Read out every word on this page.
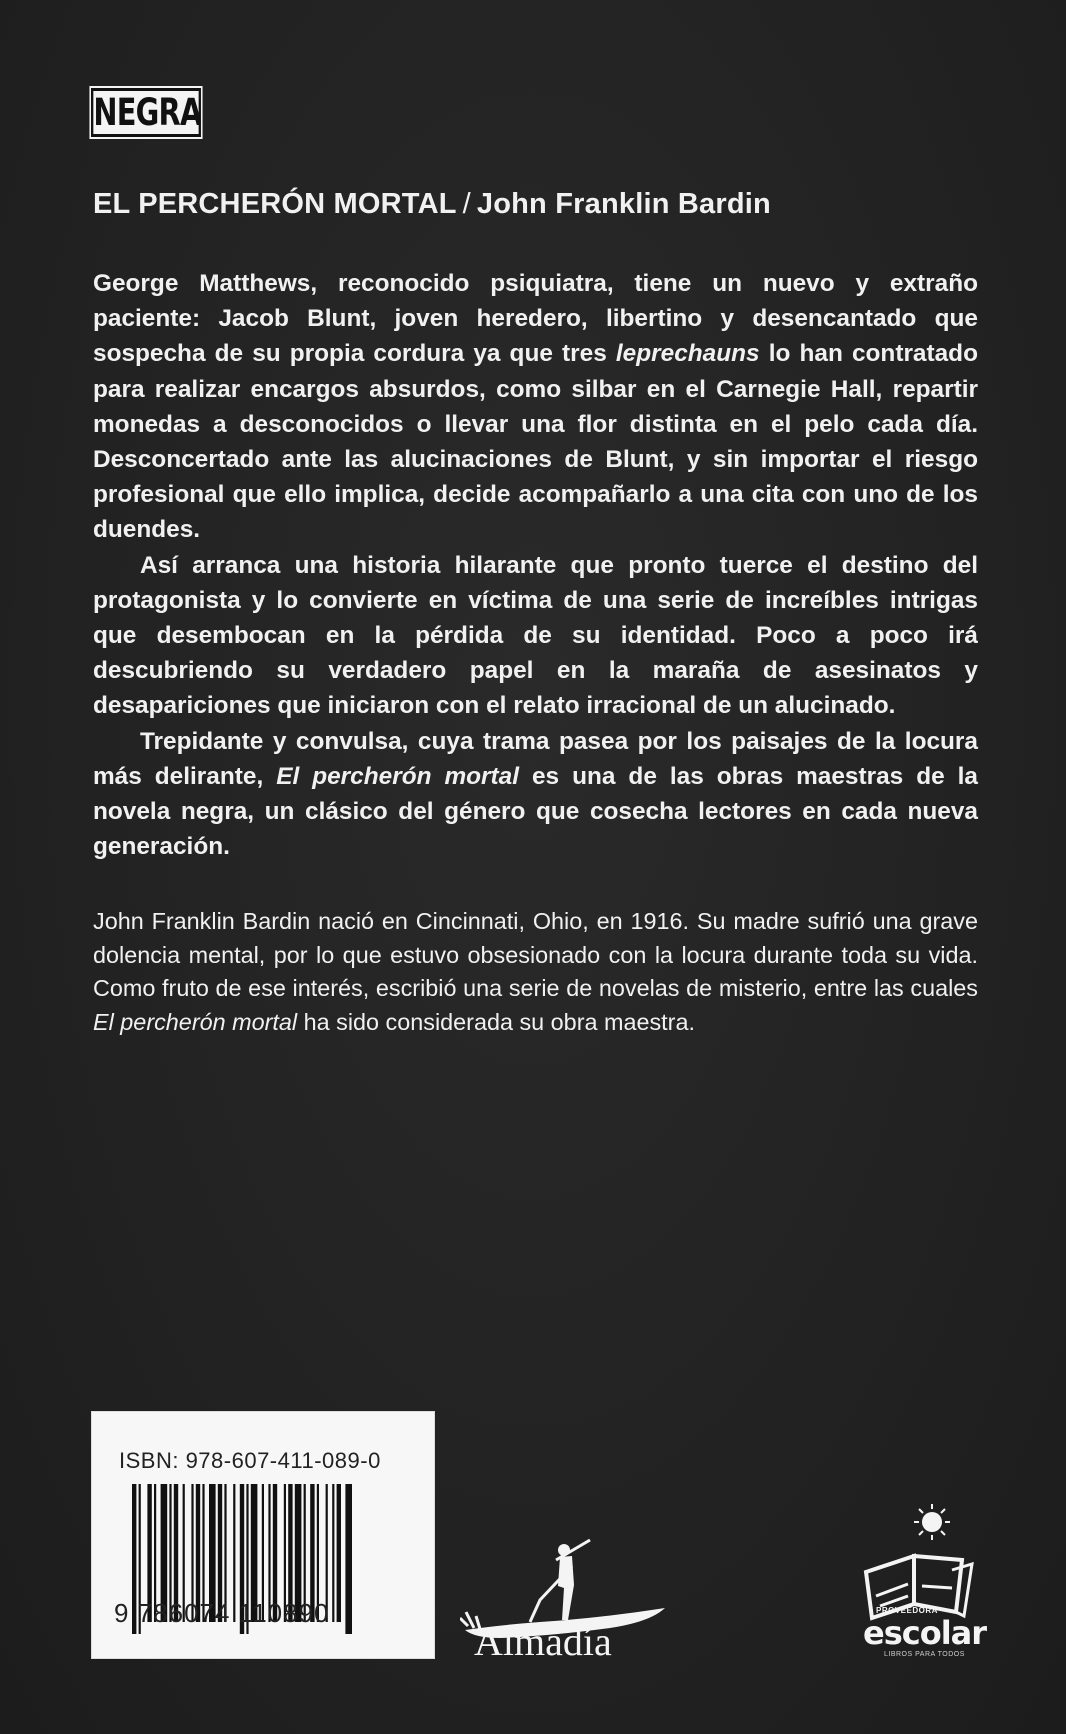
NEGRA
EL PERCHERÓN MORTAL / John Franklin Bardin

George Matthews, reconocido psiquiatra, tiene un nuevo y extraño paciente: Jacob Blunt, joven heredero, libertino y desencantado que sospecha de su propia cordura ya que tres leprechauns lo han contratado para realizar encargos absurdos, como silbar en el Carnegie Hall, repartir monedas a desconocidos o llevar una flor distinta en el pelo cada día. Desconcertado ante las alucinaciones de Blunt, y sin importar el riesgo profesional que ello implica, decide acompañarlo a una cita con uno de los duendes.

Así arranca una historia hilarante que pronto tuerce el destino del protagonista y lo convierte en víctima de una serie de increíbles intrigas que desembocan en la pérdida de su identidad. Poco a poco irá descubriendo su verdadero papel en la maraña de asesinatos y desapariciones que iniciaron con el relato irracional de un alucinado.

Trepidante y convulsa, cuya trama pasea por los paisajes de la locura más delirante, El percherón mortal es una de las obras maestras de la novela negra, un clásico del género que cosecha lectores en cada nueva generación.

John Franklin Bardin nació en Cincinnati, Ohio, en 1916. Su madre sufrió una grave dolencia mental, por lo que estuvo obsesionado con la locura durante toda su vida. Como fruto de ese interés, escribió una serie de novelas de misterio, entre las cuales El percherón mortal ha sido considerada su obra maestra.

ISBN: 978-607-411-089-0
9 786074 110890
Almadía
PROVEEDORA
escolar
LIBROS PARA TODOS
